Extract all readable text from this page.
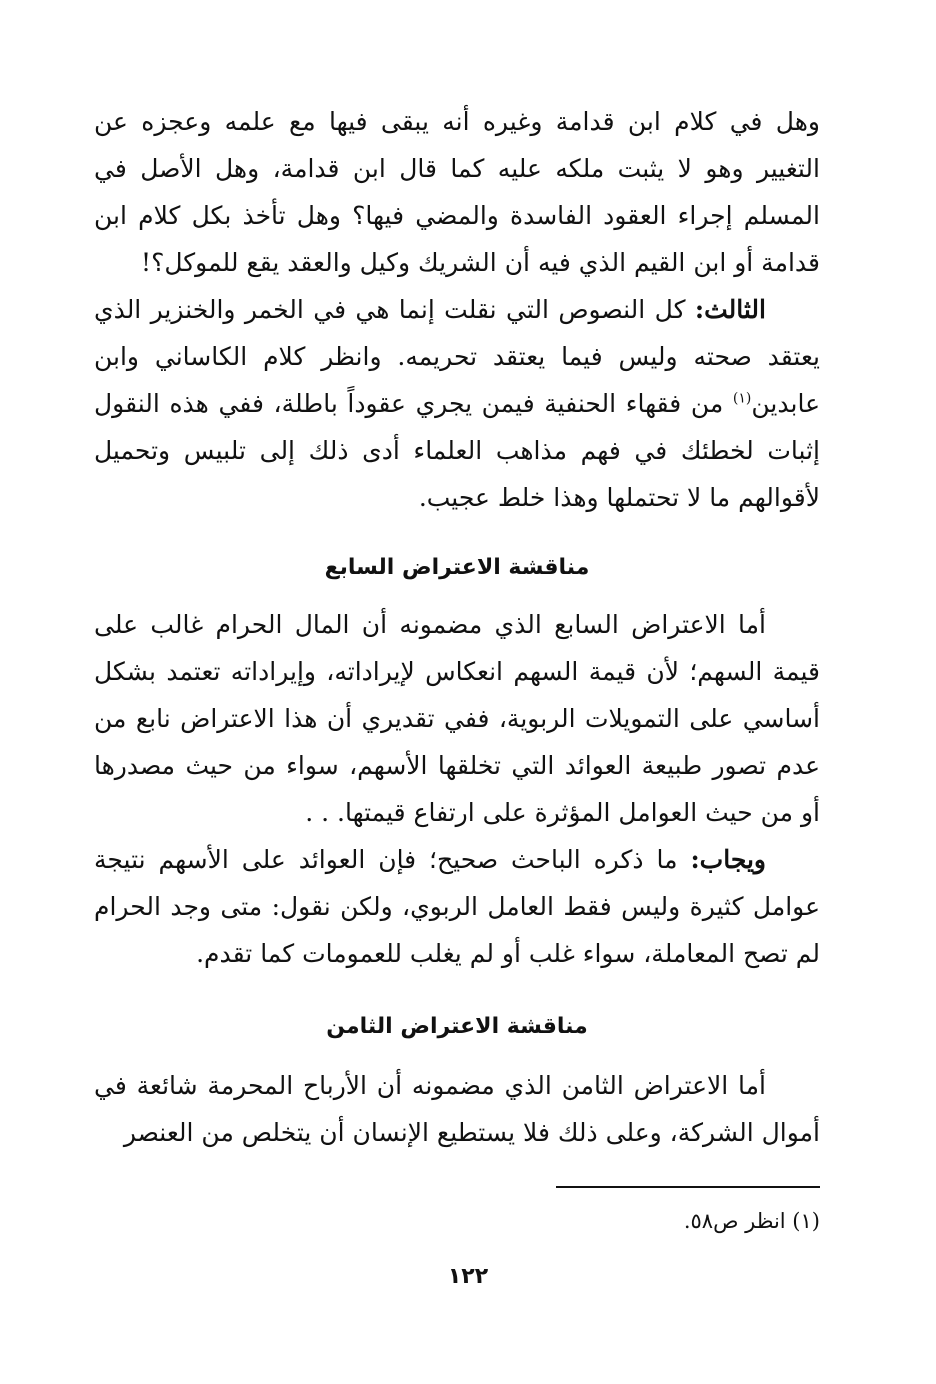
وهل في كلام ابن قدامة وغيره أنه يبقى فيها مع علمه وعجزه عن التغيير وهو لا يثبت ملكه عليه كما قال ابن قدامة، وهل الأصل في المسلم إجراء العقود الفاسدة والمضي فيها؟ وهل تأخذ بكل كلام ابن قدامة أو ابن القيم الذي فيه أن الشريك وكيل والعقد يقع للموكل؟!

الثالث: كل النصوص التي نقلت إنما هي في الخمر والخنزير الذي يعتقد صحته وليس فيما يعتقد تحريمه. وانظر كلام الكاساني وابن عابدين$^{(١)}$ من فقهاء الحنفية فيمن يجري عقوداً باطلة، ففي هذه النقول إثبات لخطئك في فهم مذاهب العلماء أدى ذلك إلى تلبيس وتحميل لأقوالهم ما لا تحتملها وهذا خلط عجيب.

مناقشة الاعتراض السابع

أما الاعتراض السابع الذي مضمونه أن المال الحرام غالب على قيمة السهم؛ لأن قيمة السهم انعكاس لإيراداته، وإيراداته تعتمد بشكل أساسي على التمويلات الربوية، ففي تقديري أن هذا الاعتراض نابع من عدم تصور طبيعة العوائد التي تخلقها الأسهم، سواء من حيث مصدرها أو من حيث العوامل المؤثرة على ارتفاع قيمتها. . .

ويجاب: ما ذكره الباحث صحيح؛ فإن العوائد على الأسهم نتيجة عوامل كثيرة وليس فقط العامل الربوي، ولكن نقول: متى وجد الحرام لم تصح المعاملة، سواء غلب أو لم يغلب للعمومات كما تقدم.

مناقشة الاعتراض الثامن

أما الاعتراض الثامن الذي مضمونه أن الأرباح المحرمة شائعة في أموال الشركة، وعلى ذلك فلا يستطيع الإنسان أن يتخلص من العنصر

(١) انظر ص٥٨.
١٢٢
